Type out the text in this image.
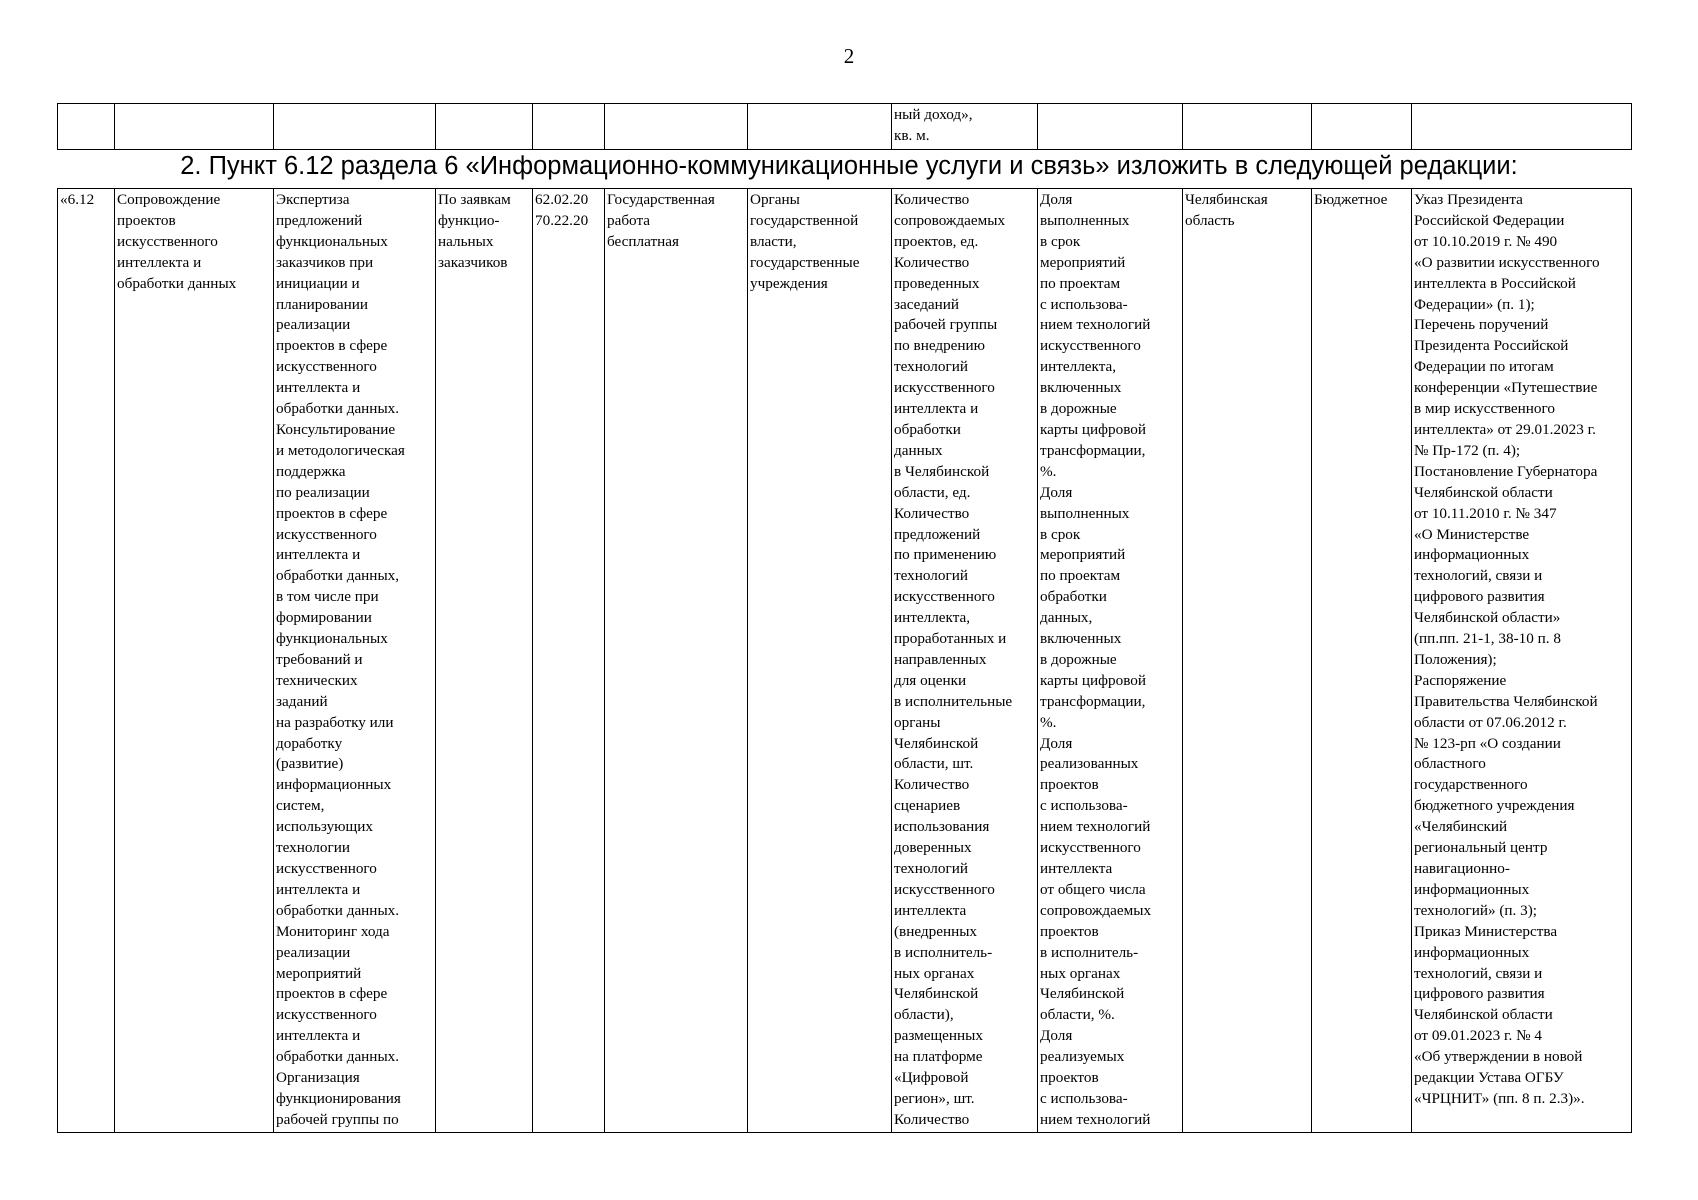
2
							ный доход»,
кв. м.				
2. Пункт 6.12 раздела 6 «Информационно-коммуникационные услуги и связь» изложить в следующей редакции:
«6.12	Сопровождение
проектов
искусственного
интеллекта и
обработки данных	Экспертиза
предложений
функциональных
заказчиков при
инициации и
планировании
реализации
проектов в сфере
искусственного
интеллекта и
обработки данных.
Консультирование
и методологическая
поддержка
по реализации
проектов в сфере
искусственного
интеллекта и
обработки данных,
в том числе при
формировании
функциональных
требований и
технических
заданий
на разработку или
доработку
(развитие)
информационных
систем,
использующих
технологии
искусственного
интеллекта и
обработки данных.
Мониторинг хода
реализации
мероприятий
проектов в сфере
искусственного
интеллекта и
обработки данных.
Организация
функционирования
рабочей группы по	По заявкам
функцио-
нальных
заказчиков	62.02.20
70.22.20	Государственная
работа
бесплатная	Органы
государственной
власти,
государственные
учреждения	Количество
сопровождаемых
проектов, ед.
Количество
проведенных
заседаний
рабочей группы
по внедрению
технологий
искусственного
интеллекта и
обработки
данных
в Челябинской
области, ед.
Количество
предложений
по применению
технологий
искусственного
интеллекта,
проработанных и
направленных
для оценки
в исполнительные
органы
Челябинской
области, шт.
Количество
сценариев
использования
доверенных
технологий
искусственного
интеллекта
(внедренных
в исполнитель-
ных органах
Челябинской
области),
размещенных
на платформе
«Цифровой
регион», шт.
Количество	Доля
выполненных
в срок
мероприятий
по проектам
с использова-
нием технологий
искусственного
интеллекта,
включенных
в дорожные
карты цифровой
трансформации,
%.
Доля
выполненных
в срок
мероприятий
по проектам
обработки
данных,
включенных
в дорожные
карты цифровой
трансформации,
%.
Доля
реализованных
проектов
с использова-
нием технологий
искусственного
интеллекта
от общего числа
сопровождаемых
проектов
в исполнитель-
ных органах
Челябинской
области, %.
Доля
реализуемых
проектов
с использова-
нием технологий	Челябинская
область	Бюджетное	Указ Президента
Российской Федерации
от 10.10.2019 г. № 490
«О развитии искусственного
интеллекта в Российской
Федерации» (п. 1);
Перечень поручений
Президента Российской
Федерации по итогам
конференции «Путешествие
в мир искусственного
интеллекта» от 29.01.2023 г.
№ Пр-172 (п. 4);
Постановление Губернатора
Челябинской области
от 10.11.2010 г. № 347
«О Министерстве
информационных
технологий, связи и
цифрового развития
Челябинской области»
(пп.пп. 21-1, 38-10 п. 8
Положения);
Распоряжение
Правительства Челябинской
области от 07.06.2012 г.
№ 123-рп «О создании
областного
государственного
бюджетного учреждения
«Челябинский
региональный центр
навигационно-
информационных
технологий» (п. 3);
Приказ Министерства
информационных
технологий, связи и
цифрового развития
Челябинской области
от 09.01.2023 г. № 4
«Об утверждении в новой
редакции Устава ОГБУ
«ЧРЦНИТ» (пп. 8 п. 2.3)».
